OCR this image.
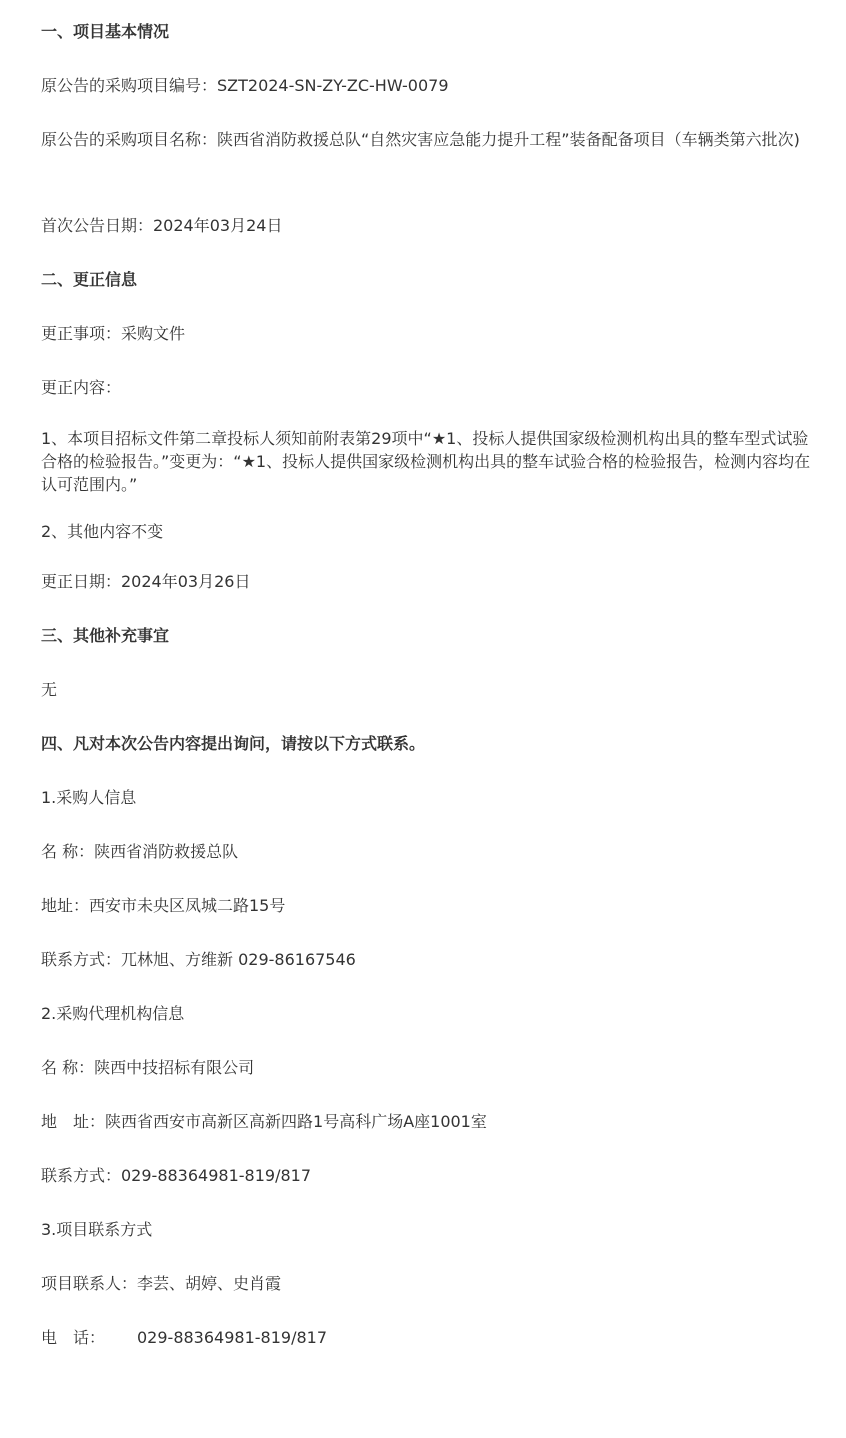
一、项目基本情况
原公告的采购项目编号：SZT2024-SN-ZY-ZC-HW-0079
原公告的采购项目名称：陕西省消防救援总队“自然灾害应急能力提升工程”装备配备项目（车辆类第六批次)
首次公告日期：2024年03月24日
二、更正信息
更正事项：采购文件
更正内容：
1、本项目招标文件第二章投标人须知前附表第29项中“★1、投标人提供国家级检测机构出具的整车型式试验合格的检验报告。”变更为：“★1、投标人提供国家级检测机构出具的整车试验合格的检验报告，检测内容均在认可范围内。”
2、其他内容不变
更正日期：2024年03月26日
三、其他补充事宜
无
四、凡对本次公告内容提出询问，请按以下方式联系。
1.采购人信息
名 称：陕西省消防救援总队
地址：西安市未央区凤城二路15号
联系方式：兀林旭、方维新 029-86167546
2.采购代理机构信息
名 称：陕西中技招标有限公司
地　址：陕西省西安市高新区高新四路1号高科广场A座1001室
联系方式：029-88364981-819/817
3.项目联系方式
项目联系人：李芸、胡婷、史肖霞
电　话： 029-88364981-819/817
